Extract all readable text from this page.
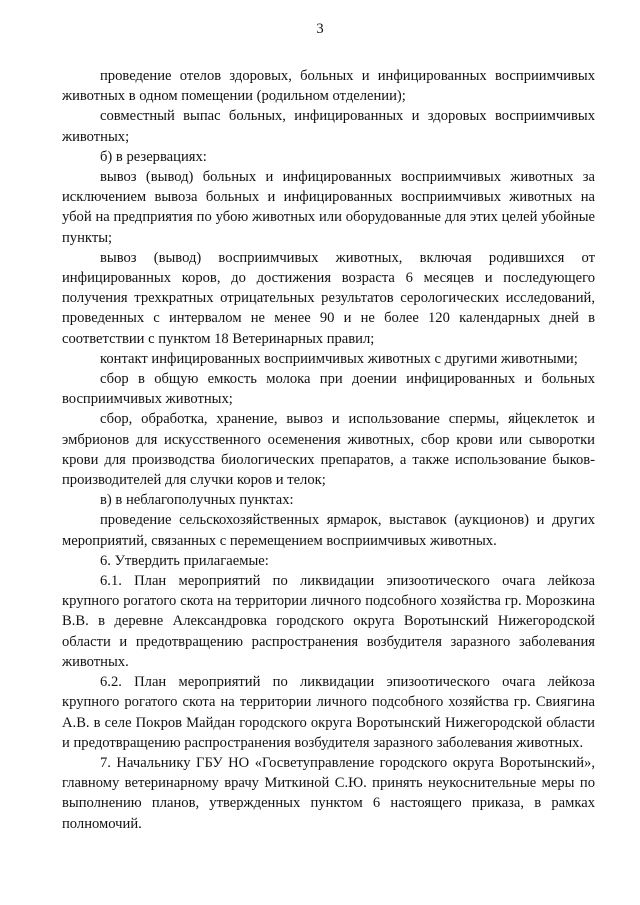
3

проведение отелов здоровых, больных и инфицированных восприимчивых животных в одном помещении (родильном отделении);

совместный выпас больных, инфицированных и здоровых восприимчивых животных;

б) в резервациях:

вывоз (вывод) больных и инфицированных восприимчивых животных за исключением вывоза больных и инфицированных восприимчивых животных на убой на предприятия по убою животных или оборудованные для этих целей убойные пункты;

вывоз (вывод) восприимчивых животных, включая родившихся от инфицированных коров, до достижения возраста 6 месяцев и последующего получения трехкратных отрицательных результатов серологических исследований, проведенных с интервалом не менее 90 и не более 120 календарных дней в соответствии с пунктом 18 Ветеринарных правил;

контакт инфицированных восприимчивых животных с другими животными;

сбор в общую емкость молока при доении инфицированных и больных восприимчивых животных;

сбор, обработка, хранение, вывоз и использование спермы, яйцеклеток и эмбрионов для искусственного осеменения животных, сбор крови или сыворотки крови для производства биологических препаратов, а также использование быков-производителей для случки коров и телок;

в) в неблагополучных пунктах:

проведение сельскохозяйственных ярмарок, выставок (аукционов) и других мероприятий, связанных с перемещением восприимчивых животных.

6. Утвердить прилагаемые:

6.1. План мероприятий по ликвидации эпизоотического очага лейкоза крупного рогатого скота на территории личного подсобного хозяйства гр. Морозкина В.В. в деревне Александровка городского округа Воротынский Нижегородской области и предотвращению распространения возбудителя заразного заболевания животных.

6.2. План мероприятий по ликвидации эпизоотического очага лейкоза крупного рогатого скота на территории личного подсобного хозяйства гр. Свиягина А.В. в селе Покров Майдан городского округа Воротынский Нижегородской области и предотвращению распространения возбудителя заразного заболевания животных.

7. Начальнику ГБУ НО «Госветуправление городского округа Воротынский», главному ветеринарному врачу Миткиной С.Ю. принять неукоснительные меры по выполнению планов, утвержденных пунктом 6 настоящего приказа, в рамках полномочий.
